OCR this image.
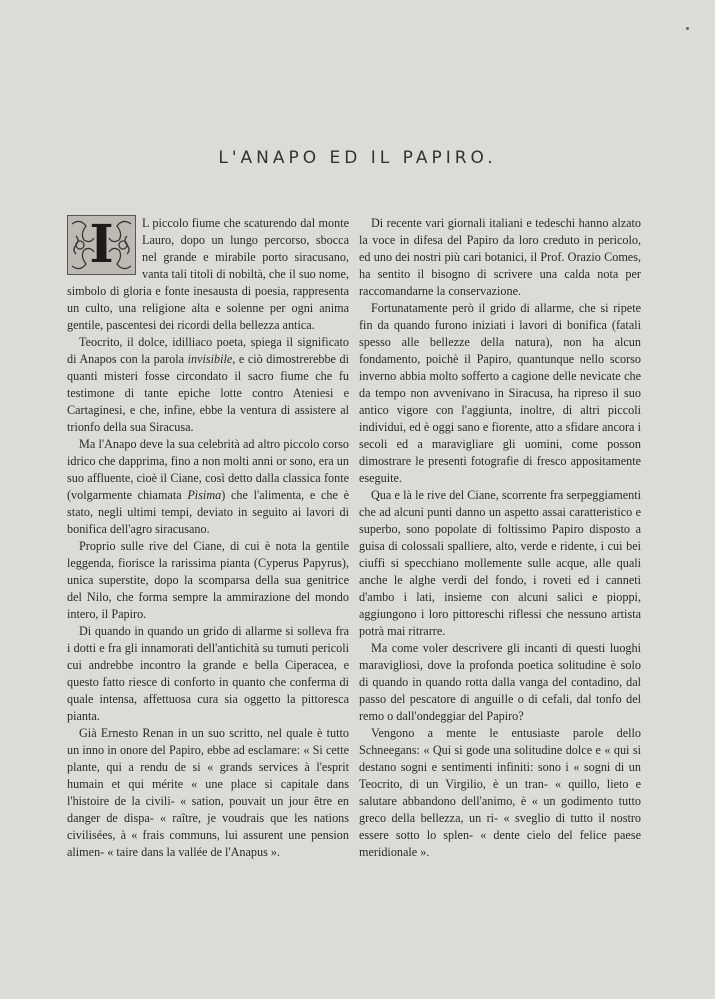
L'ANAPO ED IL PAPIRO.

I	L piccolo fiume che scaturendo dal monte Lauro, dopo un lungo percorso, sbocca nel grande e mirabile porto siracusano, vanta tali titoli di nobiltà, che il suo nome, simbolo di gloria e fonte inesausta di poesia, rappresenta un culto, una religione alta e solenne per ogni anima gentile, pascentesi dei ricordi della bellezza antica.

Teocrito, il dolce, idilliaco poeta, spiega il significato di Anapos con la parola invisibile, e ciò dimostrerebbe di quanti misteri fosse circondato il sacro fiume che fu testimone di tante epiche lotte contro Ateniesi e Cartaginesi, e che, infine, ebbe la ventura di assistere al trionfo della sua Siracusa.

Ma l'Anapo deve la sua celebrità ad altro piccolo corso idrico che dapprima, fino a non molti anni or sono, era un suo affluente, cioè il Ciane, così detto dalla classica fonte (volgarmente chiamata Pìsima) che l'alimenta, e che è stato, negli ultimi tempi, deviato in seguito ai lavori di bonifica dell'agro siracusano.

Proprio sulle rive del Ciane, di cui è nota la gentile leggenda, fiorisce la rarissima pianta (Cyperus Papyrus), unica superstite, dopo la scomparsa della sua genitrice del Nilo, che forma sempre la ammirazione del mondo intero, il Papiro.

Di quando in quando un grido di allarme si solleva fra i dotti e fra gli innamorati dell'antichità su tumuti pericoli cui andrebbe incontro la grande e bella Ciperacea, e questo fatto riesce di conforto in quanto che conferma di quale intensa, affettuosa cura sia oggetto la pittoresca pianta.

Già Ernesto Renan in un suo scritto, nel quale è tutto un inno in onore del Papiro, ebbe ad esclamare: « Si cette plante, qui a rendu de si « grands services à l'esprit humain et qui mérite « une place si capitale dans l'histoire de la civili- « sation, pouvait un jour être en danger de dispa- « raître, je voudrais que les nations civilisées, à « frais communs, lui assurent une pension alimen- « taire dans la vallée de l'Anapus ».

Di recente vari giornali italiani e tedeschi hanno alzato la voce in difesa del Papiro da loro creduto in pericolo, ed uno dei nostri più cari botanici, il Prof. Orazio Comes, ha sentito il bisogno di scrivere una calda nota per raccomandarne la conservazione.

Fortunatamente però il grido di allarme, che si ripete fin da quando furono iniziati i lavori di bonifica (fatali spesso alle bellezze della natura), non ha alcun fondamento, poichè il Papiro, quantunque nello scorso inverno abbia molto sofferto a cagione delle nevicate che da tempo non avvenivano in Siracusa, ha ripreso il suo antico vigore con l'aggiunta, inoltre, di altri piccoli individui, ed è oggi sano e fiorente, atto a sfidare ancora i secoli ed a maravigliare gli uomini, come posson dimostrare le presenti fotografie di fresco appositamente eseguite.

Qua e là le rive del Ciane, scorrente fra serpeggiamenti che ad alcuni punti danno un aspetto assai caratteristico e superbo, sono popolate di foltissimo Papiro disposto a guisa di colossali spalliere, alto, verde e ridente, i cui bei ciuffi si specchiano mollemente sulle acque, alle quali anche le alghe verdi del fondo, i roveti ed i canneti d'ambo i lati, insieme con alcuni salici e pioppi, aggiungono i loro pittoreschi riflessi che nessuno artista potrà mai ritrarre.

Ma come voler descrivere gli incanti di questi luoghi maravigliosi, dove la profonda poetica solitudine è solo di quando in quando rotta dalla vanga del contadino, dal passo del pescatore di anguille o di cefali, dal tonfo del remo o dall'ondeggiar del Papiro?

Vengono a mente le entusiaste parole dello Schneegans: « Qui si gode una solitudine dolce e « qui si destano sogni e sentimenti infiniti: sono i « sogni di un Teocrito, di un Virgilio, è un tran- « quillo, lieto e salutare abbandono dell'animo, è « un godimento tutto greco della bellezza, un ri- « sveglio di tutto il nostro essere sotto lo splen- « dente cielo del felice paese meridionale ».
